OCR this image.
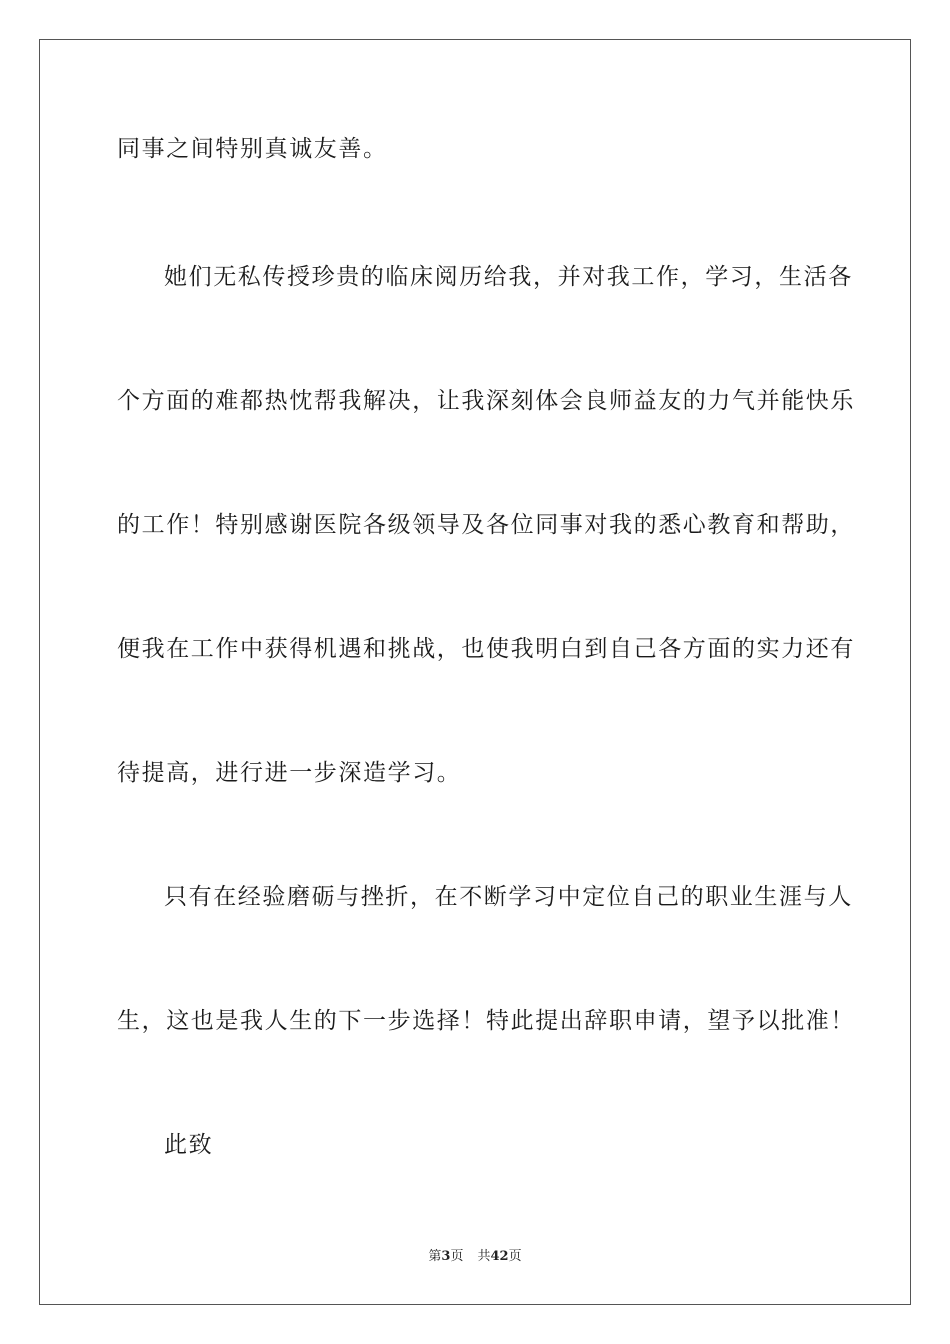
同事之间特别真诚友善。
她们无私传授珍贵的临床阅历给我，并对我工作，学习，生活各
个方面的难都热忱帮我解决，让我深刻体会良师益友的力气并能快乐
的工作！特别感谢医院各级领导及各位同事对我的悉心教育和帮助，
便我在工作中获得机遇和挑战，也使我明白到自己各方面的实力还有
待提高，进行进一步深造学习。
只有在经验磨砺与挫折，在不断学习中定位自己的职业生涯与人
生，这也是我人生的下一步选择！特此提出辞职申请，望予以批准！
此致
第3页 共42页
